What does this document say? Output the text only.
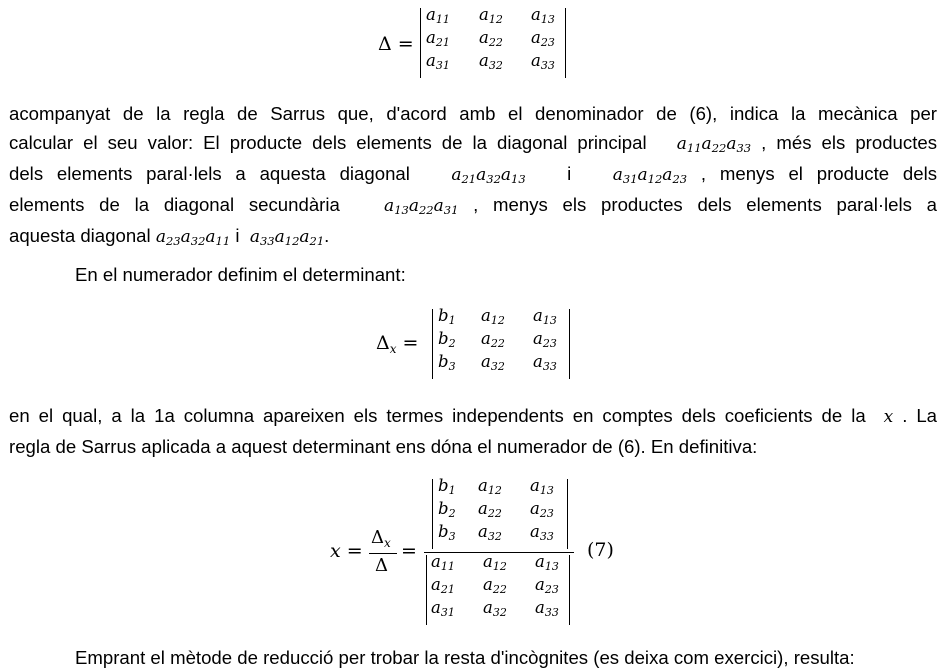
Δ =
$a_{11}$ $a_{12}$ $a_{13}$
$a_{21}$ $a_{22}$ $a_{23}$
$a_{31}$ $a_{32}$ $a_{33}$
acompanyat de la regla de Sarrus que, d'acord amb el denominador de (6), indica la mecànica per
calcular el seu valor: El producte dels elements de la diagonal principal $a_{11}a_{22}a_{33}$ , més els productes
dels elements paral·lels a aquesta diagonal $a_{21}a_{32}a_{13}$ i $a_{31}a_{12}a_{23}$ , menys el producte dels
elements de la diagonal secundària	$a_{13}a_{22}a_{31}$ , menys els productes dels elements paral·lels a
aquesta diagonal $a_{23}a_{32}a_{11}$ i $a_{33}a_{12}a_{21}$.
En el numerador definim el determinant:
$\Delta_x$ =
$b_1$ $a_{12}$ $a_{13}$
$b_2$ $a_{22}$ $a_{23}$
$b_3$ $a_{32}$ $a_{33}$
en el qual, a la 1a columna apareixen els termes independents en comptes dels coeficients de la x . La
regla de Sarrus aplicada a aquest determinant ens dóna el numerador de (6). En definitiva:
x =
$\Delta_x$
Δ
=
$b_1$ $a_{12}$ $a_{13}$
$b_2$ $a_{22}$ $a_{23}$
$b_3$ $a_{32}$ $a_{33}$
$a_{11}$ $a_{12}$ $a_{13}$
$a_{21}$ $a_{22}$ $a_{23}$
$a_{31}$ $a_{32}$ $a_{33}$
(7)
Emprant el mètode de reducció per trobar la resta d'incògnites (es deixa com exercici), resulta:
